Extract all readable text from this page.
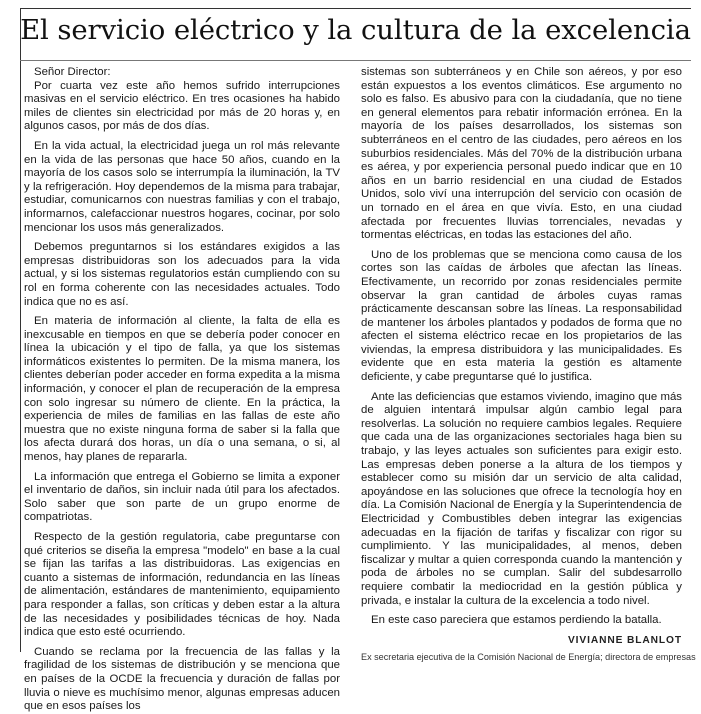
El servicio eléctrico y la cultura de la excelencia

Señor Director:

Por cuarta vez este año hemos sufrido interrupciones masivas en el servicio eléctrico. En tres ocasiones ha habido miles de clientes sin electricidad por más de 20 horas y, en algunos casos, por más de dos días.

En la vida actual, la electricidad juega un rol más relevante en la vida de las personas que hace 50 años, cuando en la mayoría de los casos solo se interrumpía la iluminación, la TV y la refrigeración. Hoy dependemos de la misma para trabajar, estudiar, comunicarnos con nuestras familias y con el trabajo, informarnos, calefaccionar nuestros hogares, cocinar, por solo mencionar los usos más generalizados.

Debemos preguntarnos si los estándares exigidos a las empresas distribuidoras son los adecuados para la vida actual, y si los sistemas regulatorios están cumpliendo con su rol en forma coherente con las necesidades actuales. Todo indica que no es así.

En materia de información al cliente, la falta de ella es inexcusable en tiempos en que se debería poder conocer en línea la ubicación y el tipo de falla, ya que los sistemas informáticos existentes lo permiten. De la misma manera, los clientes deberían poder acceder en forma expedita a la misma información, y conocer el plan de recuperación de la empresa con solo ingresar su número de cliente. En la práctica, la experiencia de miles de familias en las fallas de este año muestra que no existe ninguna forma de saber si la falla que los afecta durará dos horas, un día o una semana, o si, al menos, hay planes de repararla.

La información que entrega el Gobierno se limita a exponer el inventario de daños, sin incluir nada útil para los afectados. Solo saber que son parte de un grupo enorme de compatriotas.

Respecto de la gestión regulatoria, cabe preguntarse con qué criterios se diseña la empresa "modelo" en base a la cual se fijan las tarifas a las distribuidoras. Las exigencias en cuanto a sistemas de información, redundancia en las líneas de alimentación, estándares de mantenimiento, equipamiento para responder a fallas, son críticas y deben estar a la altura de las necesidades y posibilidades técnicas de hoy. Nada indica que esto esté ocurriendo.

Cuando se reclama por la frecuencia de las fallas y la fragilidad de los sistemas de distribución y se menciona que en países de la OCDE la frecuencia y duración de fallas por lluvia o nieve es muchísimo menor, algunas empresas aducen que en esos países los

sistemas son subterráneos y en Chile son aéreos, y por eso están expuestos a los eventos climáticos. Ese argumento no solo es falso. Es abusivo para con la ciudadanía, que no tiene en general elementos para rebatir información errónea. En la mayoría de los países desarrollados, los sistemas son subterráneos en el centro de las ciudades, pero aéreos en los suburbios residenciales. Más del 70% de la distribución urbana es aérea, y por experiencia personal puedo indicar que en 10 años en un barrio residencial en una ciudad de Estados Unidos, solo viví una interrupción del servicio con ocasión de un tornado en el área en que vivía. Esto, en una ciudad afectada por frecuentes lluvias torrenciales, nevadas y tormentas eléctricas, en todas las estaciones del año.

Uno de los problemas que se menciona como causa de los cortes son las caídas de árboles que afectan las líneas. Efectivamente, un recorrido por zonas residenciales permite observar la gran cantidad de árboles cuyas ramas prácticamente descansan sobre las líneas. La responsabilidad de mantener los árboles plantados y podados de forma que no afecten el sistema eléctrico recae en los propietarios de las viviendas, la empresa distribuidora y las municipalidades. Es evidente que en esta materia la gestión es altamente deficiente, y cabe preguntarse qué lo justifica.

Ante las deficiencias que estamos viviendo, imagino que más de alguien intentará impulsar algún cambio legal para resolverlas. La solución no requiere cambios legales. Requiere que cada una de las organizaciones sectoriales haga bien su trabajo, y las leyes actuales son suficientes para exigir esto. Las empresas deben ponerse a la altura de los tiempos y establecer como su misión dar un servicio de alta calidad, apoyándose en las soluciones que ofrece la tecnología hoy en día. La Comisión Nacional de Energía y la Superintendencia de Electricidad y Combustibles deben integrar las exigencias adecuadas en la fijación de tarifas y fiscalizar con rigor su cumplimiento. Y las municipalidades, al menos, deben fiscalizar y multar a quien corresponda cuando la mantención y poda de árboles no se cumplan. Salir del subdesarrollo requiere combatir la mediocridad en la gestión pública y privada, e instalar la cultura de la excelencia a todo nivel.

En este caso pareciera que estamos perdiendo la batalla.

VIVIANNE BLANLOT
Ex secretaria ejecutiva de la Comisión Nacional de Energía; directora de empresas
